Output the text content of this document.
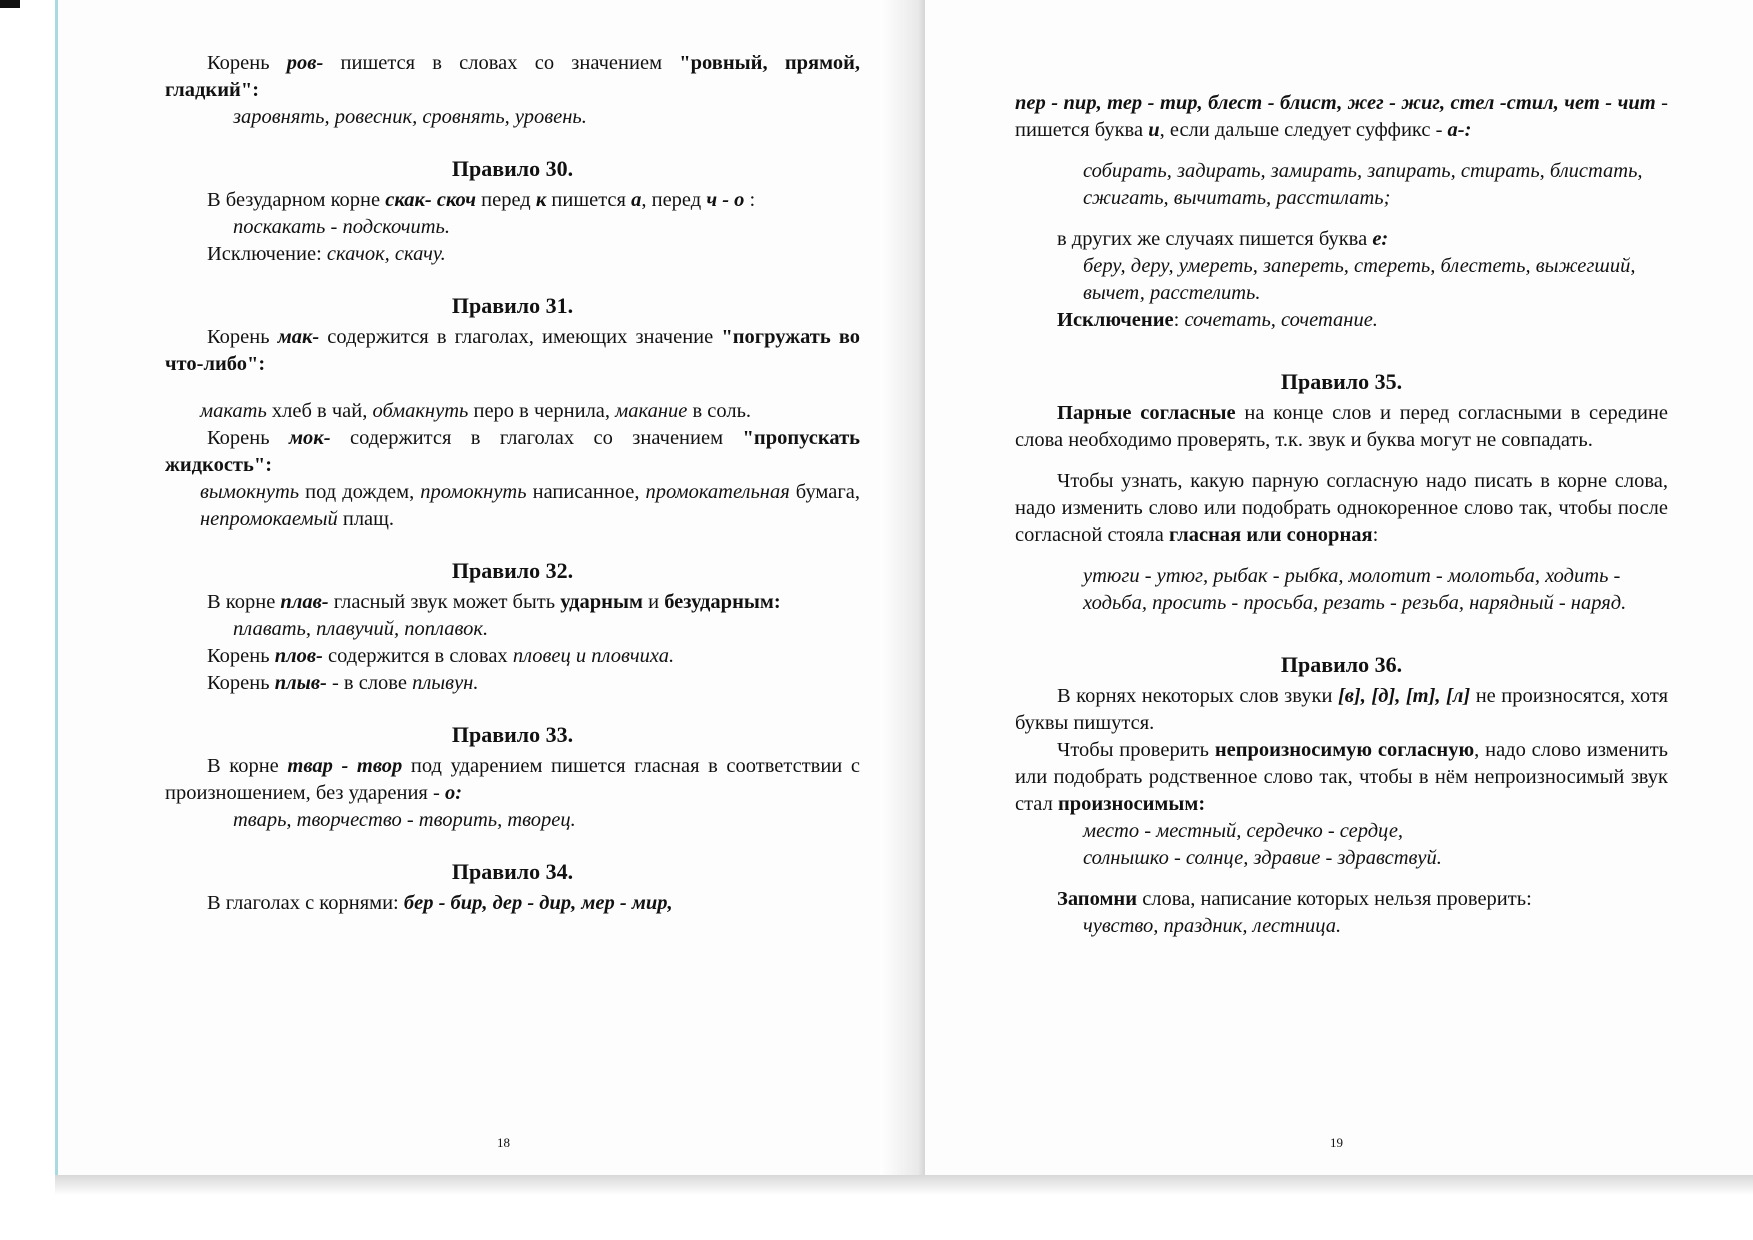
Корень ров- пишется в словах со значением "ровный, прямой, гладкий":

заровнять, ровесник, сровнять, уровень.

Правило 30.

В безударном корне скак- скоч перед к пишется а, перед ч - о :

поскакать - подскочить.

Исключение: скачок, скачу.

Правило 31.

Корень мак- содержится в глаголах, имеющих значение "погружать во что-либо":

макать хлеб в чай, обмакнуть перо в чернила, макание в соль.

Корень мок- содержится в глаголах со значением "пропускать жидкость":

вымокнуть под дождем, промокнуть написанное, промокательная бумага, непромокаемый плащ.

Правило 32.

В корне плав- гласный звук может быть ударным и безударным:

плавать, плавучий, поплавок.

Корень плов- содержится в словах пловец и пловчиха.

Корень плыв- - в слове плывун.

Правило 33.

В корне твар - твор под ударением пишется гласная в соответствии с произношением, без ударения - о:

тварь, творчество - творить, творец.

Правило 34.

В глаголах с корнями: бер - бир, дер - дир, мер - мир,

пер - пир, тер - тир, блест - блист, жег - жиг, стел -стил, чет - чит - пишется буква и, если дальше следует суффикс - а-:

собирать, задирать, замирать, запирать, стирать, блистать, сжигать, вычитать, расстилать;

в других же случаях пишется буква е:

беру, деру, умереть, запереть, стереть, блестеть, выжегший, вычет, расстелить.

Исключение: сочетать, сочетание.

Правило 35.

Парные согласные на конце слов и перед согласными в середине слова необходимо проверять, т.к. звук и буква могут не совпадать.

Чтобы узнать, какую парную согласную надо писать в корне слова, надо изменить слово или подобрать однокоренное слово так, чтобы после согласной стояла гласная или сонорная:

утюги - утюг, рыбак - рыбка, молотит - молотьба, ходить - ходьба, просить - просьба, резать - резьба, нарядный - наряд.

Правило 36.

В корнях некоторых слов звуки [в], [д], [т], [л] не произносятся, хотя буквы пишутся.

Чтобы проверить непроизносимую согласную, надо слово изменить или подобрать родственное слово так, чтобы в нём непроизносимый звук стал произносимым:

место - местный, сердечко - сердце,

солнышко - солнце, здравие - здравствуй.

Запомни слова, написание которых нельзя проверить:

чувство, праздник, лестница.

18	19
